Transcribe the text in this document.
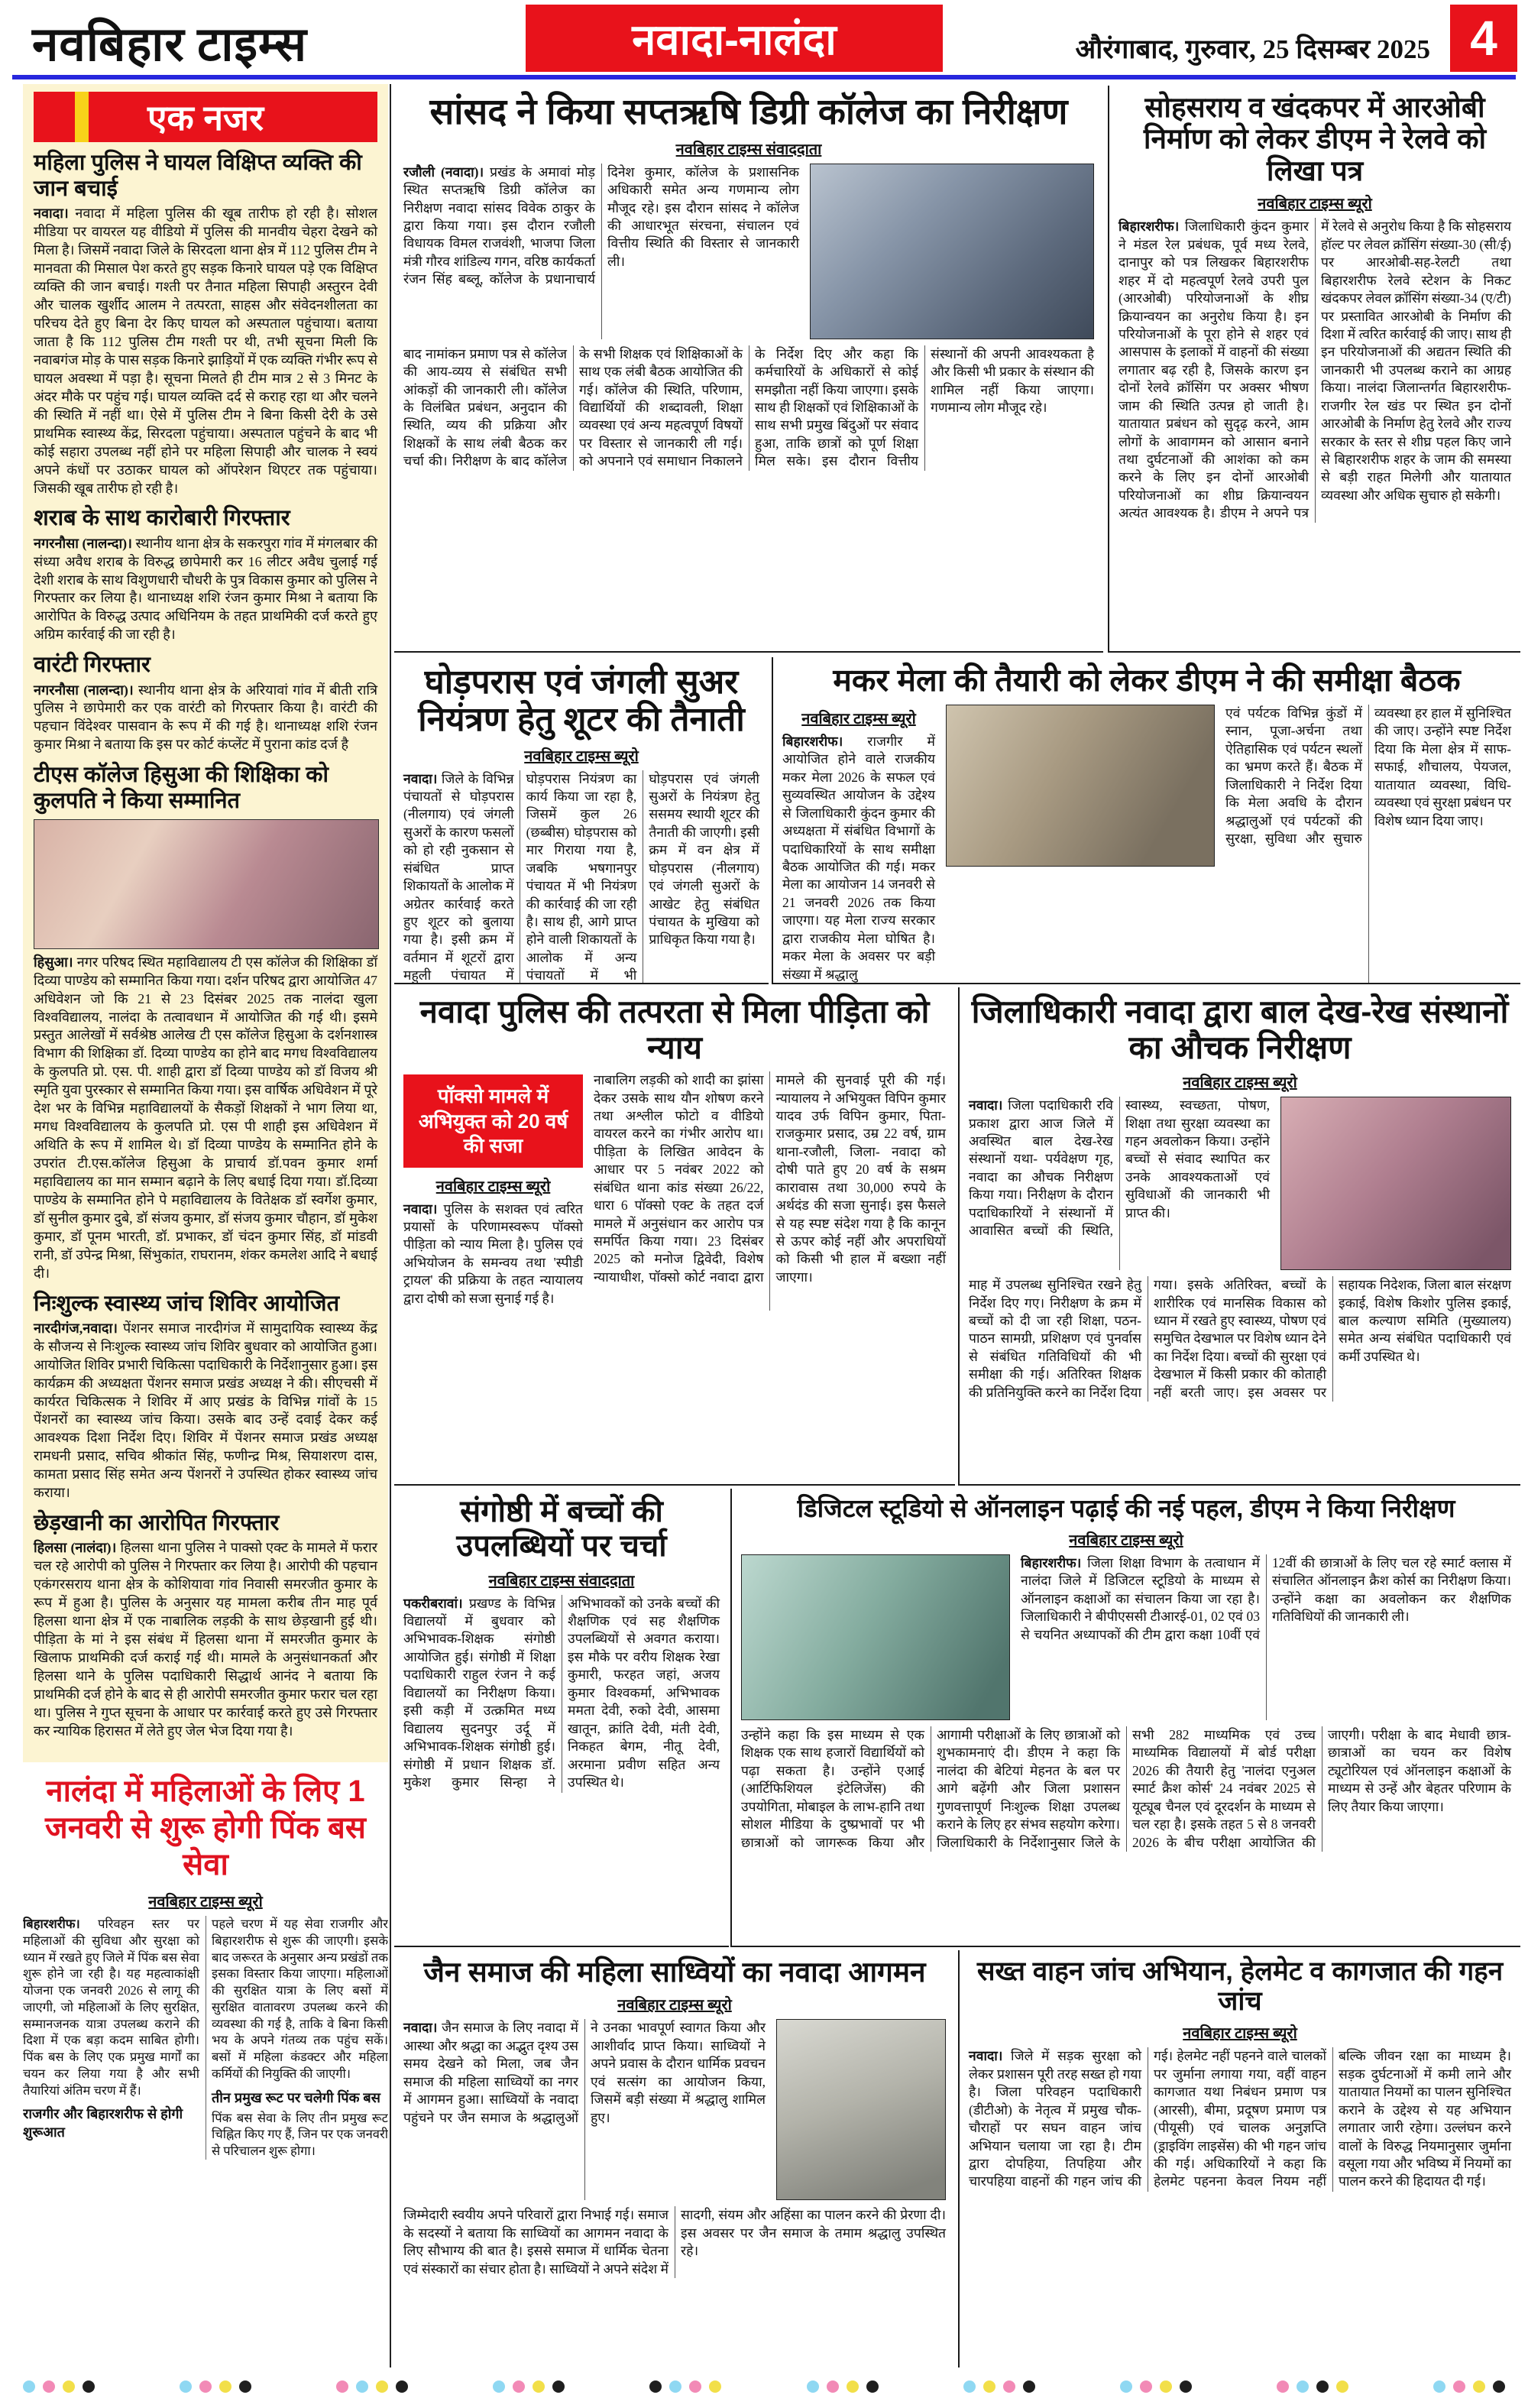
नवबिहार टाइम्स	नवादा-नालंदा	औरंगाबाद, गुरुवार, 25 दिसम्बर 2025 4
एक नजर
महिला पुलिस ने घायल विक्षिप्त व्यक्ति की जान बचाई

नवादा। नवादा में महिला पुलिस की खूब तारीफ हो रही है। सोशल मीडिया पर वायरल यह वीडियो में पुलिस की मानवीय चेहरा देखने को मिला है। जिसमें नवादा जिले के सिरदला थाना क्षेत्र में 112 पुलिस टीम ने मानवता की मिसाल पेश करते हुए सड़क किनारे घायल पड़े एक विक्षिप्त व्यक्ति की जान बचाई। गश्ती पर तैनात महिला सिपाही अस्तुरन देवी और चालक खुर्शीद आलम ने तत्परता, साहस और संवेदनशीलता का परिचय देते हुए बिना देर किए घायल को अस्पताल पहुंचाया। बताया जाता है कि 112 पुलिस टीम गश्ती पर थी, तभी सूचना मिली कि नवाबगंज मोड़ के पास सड़क किनारे झाड़ियों में एक व्यक्ति गंभीर रूप से घायल अवस्था में पड़ा है। सूचना मिलते ही टीम मात्र 2 से 3 मिनट के अंदर मौके पर पहुंच गई। घायल व्यक्ति दर्द से कराह रहा था और चलने की स्थिति में नहीं था। ऐसे में पुलिस टीम ने बिना किसी देरी के उसे प्राथमिक स्वास्थ्य केंद्र, सिरदला पहुंचाया। अस्पताल पहुंचने के बाद भी कोई सहारा उपलब्ध नहीं होने पर महिला सिपाही और चालक ने स्वयं अपने कंधों पर उठाकर घायल को ऑपरेशन थिएटर तक पहुंचाया। जिसकी खूब तारीफ हो रही है।

शराब के साथ कारोबारी गिरफ्तार

नगरनौसा (नालन्दा)। स्थानीय थाना क्षेत्र के सकरपुरा गांव में मंगलबार की संध्या अवैध शराब के विरुद्ध छापेमारी कर 16 लीटर अवैध चुलाई गई देशी शराब के साथ विशुणधारी चौधरी के पुत्र विकास कुमार को पुलिस ने गिरफ्तार कर लिया है। थानाध्यक्ष शशि रंजन कुमार मिश्रा ने बताया कि आरोपित के विरुद्ध उत्पाद अधिनियम के तहत प्राथमिकी दर्ज करते हुए अग्रिम कार्रवाई की जा रही है।

वारंटी गिरफ्तार

नगरनौसा (नालन्दा)। स्थानीय थाना क्षेत्र के अरियावां गांव में बीती रात्रि पुलिस ने छापेमारी कर एक वारंटी को गिरफ्तार किया है। वारंटी की पहचान विंदेश्वर पासवान के रूप में की गई है। थानाध्यक्ष शशि रंजन कुमार मिश्रा ने बताया कि इस पर कोर्ट कंप्लेंट में पुराना कांड दर्ज है

टीएस कॉलेज हिसुआ की शिक्षिका को कुलपति ने किया सम्मानित

हिसुआ। नगर परिषद स्थित महाविद्यालय टी एस कॉलेज की शिक्षिका डॉ दिव्या पाण्डेय को सम्मानित किया गया। दर्शन परिषद द्वारा आयोजित 47 अधिवेशन जो कि 21 से 23 दिसंबर 2025 तक नालंदा खुला विश्वविद्यालय, नालंदा के तत्वावधान में आयोजित की गई थी। इसमे प्रस्तुत आलेखों में सर्वश्रेष्ठ आलेख टी एस कॉलेज हिसुआ के दर्शनशास्त्र विभाग की शिक्षिका डॉ. दिव्या पाण्डेय का होने बाद मगध विश्वविद्यालय के कुलपति प्रो. एस. पी. शाही द्वारा डॉ दिव्या पाण्डेय को डॉ विजय श्री स्मृति युवा पुरस्कार से सम्मानित किया गया। इस वार्षिक अधिवेशन में पूरे देश भर के विभिन्न महाविद्यालयों के सैकड़ों शिक्षकों ने भाग लिया था, मगध विश्वविद्यालय के कुलपति प्रो. एस पी शाही इस अधिवेशन में अथिति के रूप में शामिल थे। डॉ दिव्या पाण्डेय के सम्मानित होने के उपरांत टी.एस.कॉलेज हिसुआ के प्राचार्य डॉ.पवन कुमार शर्मा महाविद्यालय का मान सम्मान बढ़ाने के लिए बधाई दिया गया। डॉ.दिव्या पाण्डेय के सम्मानित होने पे महाविद्यालय के वितेक्षक डॉ स्वर्गेश कुमार, डॉ सुनील कुमार दुबे, डॉ संजय कुमार, डॉ संजय कुमार चौहान, डॉ मुकेश कुमार, डॉ पूनम भारती, डॉ. प्रभाकर, डॉ चंदन कुमार सिंह, डॉ मांडवी रानी, डॉ उपेन्द्र मिश्रा, सिंभुकांत, राघरानम, शंकर कमलेश आदि ने बधाई दी।

निःशुल्क स्वास्थ्य जांच शिविर आयोजित

नारदीगंज,नवादा। पेंशनर समाज नारदीगंज में सामुदायिक स्वास्थ्य केंद्र के सौजन्य से निःशुल्क स्वास्थ्य जांच शिविर बुधवार को आयोजित हुआ। आयोजित शिविर प्रभारी चिकित्सा पदाधिकारी के निर्देशानुसार हुआ। इस कार्यक्रम की अध्यक्षता पेंशनर समाज प्रखंड अध्यक्ष ने की। सीएचसी में कार्यरत चिकित्सक ने शिविर में आए प्रखंड के विभिन्न गांवों के 15 पेंशनरों का स्वास्थ्य जांच किया। उसके बाद उन्हें दवाई देकर कई आवश्यक दिशा निर्देश दिए। शिविर में पेंशनर समाज प्रखंड अध्यक्ष रामधनी प्रसाद, सचिव श्रीकांत सिंह, फणीन्द्र मिश्र, सियाशरण दास, कामता प्रसाद सिंह समेत अन्य पेंशनरों ने उपस्थित होकर स्वास्थ्य जांच कराया।

छेड़खानी का आरोपित गिरफ्तार

हिलसा (नालंदा)। हिलसा थाना पुलिस ने पाक्सो एक्ट के मामले में फरार चल रहे आरोपी को पुलिस ने गिरफ्तार कर लिया है। आरोपी की पहचान एकंगरसराय थाना क्षेत्र के कोशियावा गांव निवासी समरजीत कुमार के रूप में हुआ है। पुलिस के अनुसार यह मामला करीब तीन माह पूर्व हिलसा थाना क्षेत्र में एक नाबालिक लड़की के साथ छेड़खानी हुई थी। पीड़िता के मां ने इस संबंध में हिलसा थाना में समरजीत कुमार के खिलाफ प्राथमिकी दर्ज कराई गई थी। मामले के अनुसंधानकर्ता और हिलसा थाने के पुलिस पदाधिकारी सिद्धार्थ आनंद ने बताया कि प्राथमिकी दर्ज होने के बाद से ही आरोपी समरजीत कुमार फरार चल रहा था। पुलिस ने गुप्त सूचना के आधार पर कार्रवाई करते हुए उसे गिरफ्तार कर न्यायिक हिरासत में लेते हुए जेल भेज दिया गया है।

नालंदा में महिलाओं के लिए 1 जनवरी से शुरू होगी पिंक बस सेवा
नवबिहार टाइम्स ब्यूरो

बिहारशरीफ। परिवहन स्तर पर महिलाओं की सुविधा और सुरक्षा को ध्यान में रखते हुए जिले में पिंक बस सेवा शुरू होने जा रही है। यह महत्वाकांक्षी योजना एक जनवरी 2026 से लागू की जाएगी, जो महिलाओं के लिए सुरक्षित, सम्मानजनक यात्रा उपलब्ध कराने की दिशा में एक बड़ा कदम साबित होगी। पिंक बस के लिए एक प्रमुख मार्गों का चयन कर लिया गया है और सभी तैयारियां अंतिम चरण में हैं।

राजगीर और बिहारशरीफ से होगी शुरूआत

पहले चरण में यह सेवा राजगीर और बिहारशरीफ से शुरू की जाएगी। इसके बाद जरूरत के अनुसार अन्य प्रखंडों तक इसका विस्तार किया जाएगा। महिलाओं की सुरक्षित यात्रा के लिए बसों में सुरक्षित वातावरण उपलब्ध करने की व्यवस्था की गई है, ताकि वे बिना किसी भय के अपने गंतव्य तक पहुंच सकें। बसों में महिला कंडक्टर और महिला कर्मियों की नियुक्ति की जाएगी।

तीन प्रमुख रूट पर चलेगी पिंक बस

पिंक बस सेवा के लिए तीन प्रमुख रूट चिह्नित किए गए हैं, जिन पर एक जनवरी से परिचालन शुरू होगा।

सांसद ने किया सप्तऋषि डिग्री कॉलेज का निरीक्षण
नवबिहार टाइम्स संवाददाता

रजौली (नवादा)। प्रखंड के अमावां मोड़ स्थित सप्तऋषि डिग्री कॉलेज का निरीक्षण नवादा सांसद विवेक ठाकुर के द्वारा किया गया। इस दौरान रजौली विधायक विमल राजवंशी, भाजपा जिला मंत्री गौरव शांडिल्य गगन, वरिष्ठ कार्यकर्ता रंजन सिंह बब्लू, कॉलेज के प्रधानाचार्य दिनेश कुमार, कॉलेज के प्रशासनिक अधिकारी समेत अन्य गणमान्य लोग मौजूद रहे। इस दौरान सांसद ने कॉलेज की आधारभूत संरचना, संचालन एवं वित्तीय स्थिति की विस्तार से जानकारी ली।

बाद नामांकन प्रमाण पत्र से कॉलेज की आय-व्यय से संबंधित सभी आंकड़ों की जानकारी ली। कॉलेज के विलंबित प्रबंधन, अनुदान की स्थिति, व्यय की प्रक्रिया और शिक्षकों के साथ लंबी बैठक कर चर्चा की। निरीक्षण के बाद कॉलेज के सभी शिक्षक एवं शिक्षिकाओं के साथ एक लंबी बैठक आयोजित की गई। कॉलेज की स्थिति, परिणाम, विद्यार्थियों की शब्दावली, शिक्षा व्यवस्था एवं अन्य महत्वपूर्ण विषयों पर विस्तार से जानकारी ली गई। को अपनाने एवं समाधान निकालने के निर्देश दिए और कहा कि कर्मचारियों के अधिकारों से कोई समझौता नहीं किया जाएगा। इसके साथ ही शिक्षकों एवं शिक्षिकाओं के साथ सभी प्रमुख बिंदुओं पर संवाद हुआ, ताकि छात्रों को पूर्ण शिक्षा मिल सके। इस दौरान वित्तीय संस्थानों की अपनी आवश्यकता है और किसी भी प्रकार के संस्थान की शामिल नहीं किया जाएगा। गणमान्य लोग मौजूद रहे।

सोहसराय व खंदकपर में आरओबी निर्माण को लेकर डीएम ने रेलवे को लिखा पत्र
नवबिहार टाइम्स ब्यूरो

बिहारशरीफ। जिलाधिकारी कुंदन कुमार ने मंडल रेल प्रबंधक, पूर्व मध्य रेलवे, दानापुर को पत्र लिखकर बिहारशरीफ शहर में दो महत्वपूर्ण रेलवे उपरी पुल (आरओबी) परियोजनाओं के शीघ्र क्रियान्वयन का अनुरोध किया है। इन परियोजनाओं के पूरा होने से शहर एवं आसपास के इलाकों में वाहनों की संख्या लगातार बढ़ रही है, जिसके कारण इन दोनों रेलवे क्रॉसिंग पर अक्सर भीषण जाम की स्थिति उत्पन्न हो जाती है। यातायात प्रबंधन को सुदृढ़ करने, आम लोगों के आवागमन को आसान बनाने तथा दुर्घटनाओं की आशंका को कम करने के लिए इन दोनों आरओबी परियोजनाओं का शीघ्र क्रियान्वयन अत्यंत आवश्यक है। डीएम ने अपने पत्र में रेलवे से अनुरोध किया है कि सोहसराय हॉल्ट पर लेवल क्रॉसिंग संख्या-30 (सी/ई) पर आरओबी-सह-रेलटी तथा बिहारशरीफ रेलवे स्टेशन के निकट खंदकपर लेवल क्रॉसिंग संख्या-34 (ए/टी) पर प्रस्तावित आरओबी के निर्माण की दिशा में त्वरित कार्रवाई की जाए। साथ ही इन परियोजनाओं की अद्यतन स्थिति की जानकारी भी उपलब्ध कराने का आग्रह किया। नालंदा जिलान्तर्गत बिहारशरीफ-राजगीर रेल खंड पर स्थित इन दोनों आरओबी के निर्माण हेतु रेलवे और राज्य सरकार के स्तर से शीघ्र पहल किए जाने से बिहारशरीफ शहर के जाम की समस्या से बड़ी राहत मिलेगी और यातायात व्यवस्था और अधिक सुचारु हो सकेगी।

घोड़परास एवं जंगली सुअर नियंत्रण हेतु शूटर की तैनाती
नवबिहार टाइम्स ब्यूरो

नवादा। जिले के विभिन्न पंचायतों से घोड़परास (नीलगाय) एवं जंगली सुअरों के कारण फसलों को हो रही नुकसान से संबंधित प्राप्त शिकायतों के आलोक में अग्रेतर कार्रवाई करते हुए शूटर को बुलाया गया है। इसी क्रम में वर्तमान में शूटरों द्वारा महुली पंचायत में घोड़परास नियंत्रण का कार्य किया जा रहा है, जिसमें कुल 26 (छब्बीस) घोड़परास को मार गिराया गया है, जबकि भषगानपुर पंचायत में भी नियंत्रण की कार्रवाई की जा रही है। साथ ही, आगे प्राप्त होने वाली शिकायतों के आलोक में अन्य पंचायतों में भी घोड़परास एवं जंगली सुअरों के नियंत्रण हेतु ससमय स्थायी शूटर की तैनाती की जाएगी। इसी क्रम में वन क्षेत्र में घोड़परास (नीलगाय) एवं जंगली सुअरों के आखेट हेतु संबंधित पंचायत के मुखिया को प्राधिकृत किया गया है।

मकर मेला की तैयारी को लेकर डीएम ने की समीक्षा बैठक
नवबिहार टाइम्स ब्यूरो

बिहारशरीफ। राजगीर में आयोजित होने वाले राजकीय मकर मेला 2026 के सफल एवं सुव्यवस्थित आयोजन के उद्देश्य से जिलाधिकारी कुंदन कुमार की अध्यक्षता में संबंधित विभागों के पदाधिकारियों के साथ समीक्षा बैठक आयोजित की गई। मकर मेला का आयोजन 14 जनवरी से 21 जनवरी 2026 तक किया जाएगा। यह मेला राज्य सरकार द्वारा राजकीय मेला घोषित है। मकर मेला के अवसर पर बड़ी संख्या में श्रद्धालु

एवं पर्यटक विभिन्न कुंडों में स्नान, पूजा-अर्चना तथा ऐतिहासिक एवं पर्यटन स्थलों का भ्रमण करते हैं। बैठक में जिलाधिकारी ने निर्देश दिया कि मेला अवधि के दौरान श्रद्धालुओं एवं पर्यटकों की सुरक्षा, सुविधा और सुचारु व्यवस्था हर हाल में सुनिश्चित की जाए। उन्होंने स्पष्ट निर्देश दिया कि मेला क्षेत्र में साफ-सफाई, शौचालय, पेयजल, यातायात व्यवस्था, विधि-व्यवस्था एवं सुरक्षा प्रबंधन पर विशेष ध्यान दिया जाए।

नवादा पुलिस की तत्परता से मिला पीड़िता को न्याय
पॉक्सो मामले में अभियुक्त को 20 वर्ष की सजा
नवबिहार टाइम्स ब्यूरो

नवादा। पुलिस के सशक्त एवं त्वरित प्रयासों के परिणामस्वरूप पॉक्सो पीड़िता को न्याय मिला है। पुलिस एवं अभियोजन के समन्वय तथा 'स्पीडी ट्रायल' की प्रक्रिया के तहत न्यायालय द्वारा दोषी को सजा सुनाई गई है।

नाबालिग लड़की को शादी का झांसा देकर उसके साथ यौन शोषण करने तथा अश्लील फोटो व वीडियो वायरल करने का गंभीर आरोप था। पीड़िता के लिखित आवेदन के आधार पर 5 नवंबर 2022 को संबंधित थाना कांड संख्या 26/22, धारा 6 पॉक्सो एक्ट के तहत दर्ज मामले में अनुसंधान कर आरोप पत्र समर्पित किया गया। 23 दिसंबर 2025 को मनोज द्विवेदी, विशेष न्यायाधीश, पॉक्सो कोर्ट नवादा द्वारा मामले की सुनवाई पूरी की गई। न्यायालय ने अभियुक्त विपिन कुमार यादव उर्फ विपिन कुमार, पिता- राजकुमार प्रसाद, उम्र 22 वर्ष, ग्राम थाना-रजौली, जिला- नवादा को दोषी पाते हुए 20 वर्ष के सश्रम कारावास तथा 30,000 रुपये के अर्थदंड की सजा सुनाई। इस फैसले से यह स्पष्ट संदेश गया है कि कानून से ऊपर कोई नहीं और अपराधियों को किसी भी हाल में बख्शा नहीं जाएगा।

जिलाधिकारी नवादा द्वारा बाल देख-रेख संस्थानों का औचक निरीक्षण
नवबिहार टाइम्स ब्यूरो

नवादा। जिला पदाधिकारी रवि प्रकाश द्वारा आज जिले में अवस्थित बाल देख-रेख संस्थानों यथा- पर्यवेक्षण गृह, नवादा का औचक निरीक्षण किया गया। निरीक्षण के दौरान पदाधिकारियों ने संस्थानों में आवासित बच्चों की स्थिति, स्वास्थ्य, स्वच्छता, पोषण, शिक्षा तथा सुरक्षा व्यवस्था का गहन अवलोकन किया। उन्होंने बच्चों से संवाद स्थापित कर उनके आवश्यकताओं एवं सुविधाओं की जानकारी भी प्राप्त की।

माह में उपलब्ध सुनिश्चित रखने हेतु निर्देश दिए गए। निरीक्षण के क्रम में बच्चों को दी जा रही शिक्षा, पठन-पाठन सामग्री, प्रशिक्षण एवं पुनर्वास से संबंधित गतिविधियों की भी समीक्षा की गई। अतिरिक्त शिक्षक की प्रतिनियुक्ति करने का निर्देश दिया गया। इसके अतिरिक्त, बच्चों के शारीरिक एवं मानसिक विकास को ध्यान में रखते हुए स्वास्थ्य, पोषण एवं समुचित देखभाल पर विशेष ध्यान देने का निर्देश दिया। बच्चों की सुरक्षा एवं देखभाल में किसी प्रकार की कोताही नहीं बरती जाए। इस अवसर पर सहायक निदेशक, जिला बाल संरक्षण इकाई, विशेष किशोर पुलिस इकाई, बाल कल्याण समिति (मुख्यालय) समेत अन्य संबंधित पदाधिकारी एवं कर्मी उपस्थित थे।

संगोष्ठी में बच्चों की उपलब्धियों पर चर्चा
नवबिहार टाइम्स संवाददाता

पकरीबरावां। प्रखण्ड के विभिन्न विद्यालयों में बुधवार को अभिभावक-शिक्षक संगोष्ठी आयोजित हुई। संगोष्ठी में शिक्षा पदाधिकारी राहुल रंजन ने कई विद्यालयों का निरीक्षण किया। इसी कड़ी में उत्क्रमित मध्य विद्यालय सुदनपुर उर्दू में अभिभावक-शिक्षक संगोष्ठी हुई। संगोष्ठी में प्रधान शिक्षक डॉ. मुकेश कुमार सिन्हा ने अभिभावकों को उनके बच्चों की शैक्षणिक एवं सह शैक्षणिक उपलब्धियों से अवगत कराया। इस मौके पर वरीय शिक्षक रेखा कुमारी, फरहत जहां, अजय कुमार विश्वकर्मा, अभिभावक ममता देवी, रुको देवी, आसमा खातून, क्रांति देवी, मंती देवी, निकहत बेगम, नीतू देवी, अरमाना प्रवीण सहित अन्य उपस्थित थे।

डिजिटल स्टूडियो से ऑनलाइन पढ़ाई की नई पहल, डीएम ने किया निरीक्षण
नवबिहार टाइम्स ब्यूरो

बिहारशरीफ। जिला शिक्षा विभाग के तत्वाधान में नालंदा जिले में डिजिटल स्टूडियो के माध्यम से ऑनलाइन कक्षाओं का संचालन किया जा रहा है। जिलाधिकारी ने बीपीएससी टीआरई-01, 02 एवं 03 से चयनित अध्यापकों की टीम द्वारा कक्षा 10वीं एवं 12वीं की छात्राओं के लिए चल रहे स्मार्ट क्लास में संचालित ऑनलाइन क्रैश कोर्स का निरीक्षण किया। उन्होंने कक्षा का अवलोकन कर शैक्षणिक गतिविधियों की जानकारी ली।

उन्होंने कहा कि इस माध्यम से एक शिक्षक एक साथ हजारों विद्यार्थियों को पढ़ा सकता है। उन्होंने एआई (आर्टिफिशियल इंटेलिजेंस) की उपयोगिता, मोबाइल के लाभ-हानि तथा सोशल मीडिया के दुष्प्रभावों पर भी छात्राओं को जागरूक किया और आगामी परीक्षाओं के लिए छात्राओं को शुभकामनाएं दी। डीएम ने कहा कि नालंदा की बेटियां मेहनत के बल पर आगे बढ़ेंगी और जिला प्रशासन गुणवत्तापूर्ण निःशुल्क शिक्षा उपलब्ध कराने के लिए हर संभव सहयोग करेगा। जिलाधिकारी के निर्देशानुसार जिले के सभी 282 माध्यमिक एवं उच्च माध्यमिक विद्यालयों में बोर्ड परीक्षा 2026 की तैयारी हेतु 'नालंदा एनुअल स्मार्ट क्रैश कोर्स' 24 नवंबर 2025 से यूट्यूब चैनल एवं दूरदर्शन के माध्यम से चल रहा है। इसके तहत 5 से 8 जनवरी 2026 के बीच परीक्षा आयोजित की जाएगी। परीक्षा के बाद मेधावी छात्र-छात्राओं का चयन कर विशेष ट्यूटोरियल एवं ऑनलाइन कक्षाओं के माध्यम से उन्हें और बेहतर परिणाम के लिए तैयार किया जाएगा।

जैन समाज की महिला साध्वियों का नवादा आगमन
नवबिहार टाइम्स ब्यूरो

नवादा। जैन समाज के लिए नवादा में आस्था और श्रद्धा का अद्भुत दृश्य उस समय देखने को मिला, जब जैन समाज की महिला साध्वियों का नगर में आगमन हुआ। साध्वियों के नवादा पहुंचने पर जैन समाज के श्रद्धालुओं ने उनका भावपूर्ण स्वागत किया और आशीर्वाद प्राप्त किया। साध्वियों ने अपने प्रवास के दौरान धार्मिक प्रवचन एवं सत्संग का आयोजन किया, जिसमें बड़ी संख्या में श्रद्धालु शामिल हुए।

जिम्मेदारी स्वयीय अपने परिवारों द्वारा निभाई गई। समाज के सदस्यों ने बताया कि साध्वियों का आगमन नवादा के लिए सौभाग्य की बात है। इससे समाज में धार्मिक चेतना एवं संस्कारों का संचार होता है। साध्वियों ने अपने संदेश में सादगी, संयम और अहिंसा का पालन करने की प्रेरणा दी। इस अवसर पर जैन समाज के तमाम श्रद्धालु उपस्थित रहे।

सख्त वाहन जांच अभियान, हेलमेट व कागजात की गहन जांच
नवबिहार टाइम्स ब्यूरो

नवादा। जिले में सड़क सुरक्षा को लेकर प्रशासन पूरी तरह सख्त हो गया है। जिला परिवहन पदाधिकारी (डीटीओ) के नेतृत्व में प्रमुख चौक-चौराहों पर सघन वाहन जांच अभियान चलाया जा रहा है। टीम द्वारा दोपहिया, तिपहिया और चारपहिया वाहनों की गहन जांच की गई। हेलमेट नहीं पहनने वाले चालकों पर जुर्माना लगाया गया, वहीं वाहन कागजात यथा निबंधन प्रमाण पत्र (आरसी), बीमा, प्रदूषण प्रमाण पत्र (पीयूसी) एवं चालक अनुज्ञप्ति (ड्राइविंग लाइसेंस) की भी गहन जांच की गई। अधिकारियों ने कहा कि हेलमेट पहनना केवल नियम नहीं बल्कि जीवन रक्षा का माध्यम है। सड़क दुर्घटनाओं में कमी लाने और यातायात नियमों का पालन सुनिश्चित कराने के उद्देश्य से यह अभियान लगातार जारी रहेगा। उल्लंघन करने वालों के विरुद्ध नियमानुसार जुर्माना वसूला गया और भविष्य में नियमों का पालन करने की हिदायत दी गई।
